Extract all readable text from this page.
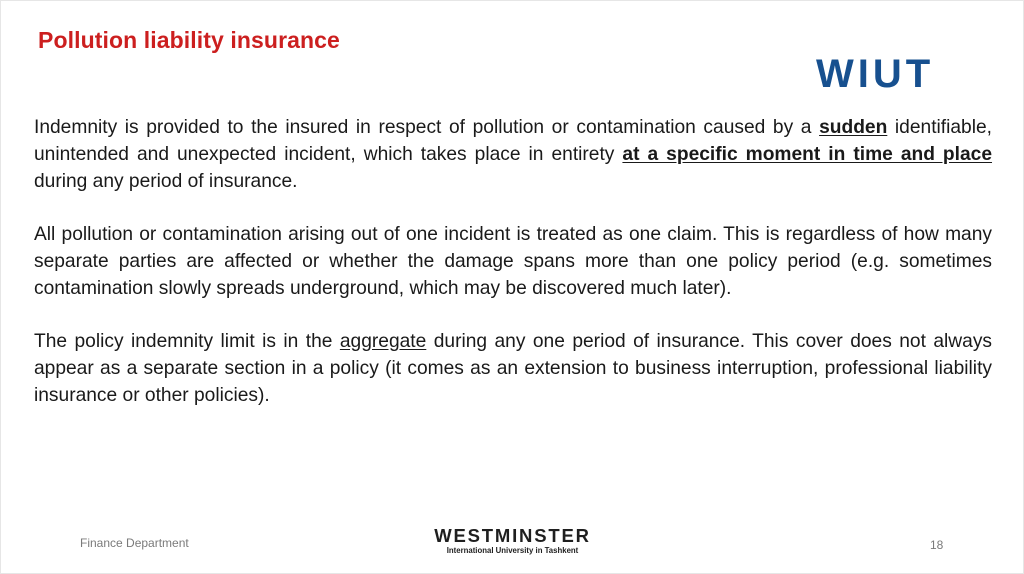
Pollution liability insurance
WIUT

Indemnity is provided to the insured in respect of pollution or contamination caused by a sudden identifiable, unintended and unexpected incident, which takes place in entirety at a specific moment in time and place during any period of insurance.

All pollution or contamination arising out of one incident is treated as one claim. This is regardless of how many separate parties are affected or whether the damage spans more than one policy period (e.g. sometimes contamination slowly spreads underground, which may be discovered much later).

The policy indemnity limit is in the aggregate during any one period of insurance. This cover does not always appear as a separate section in a policy (it comes as an extension to business interruption, professional liability insurance or other policies).

Finance Department	WESTMINSTER
International University in Tashkent	18
